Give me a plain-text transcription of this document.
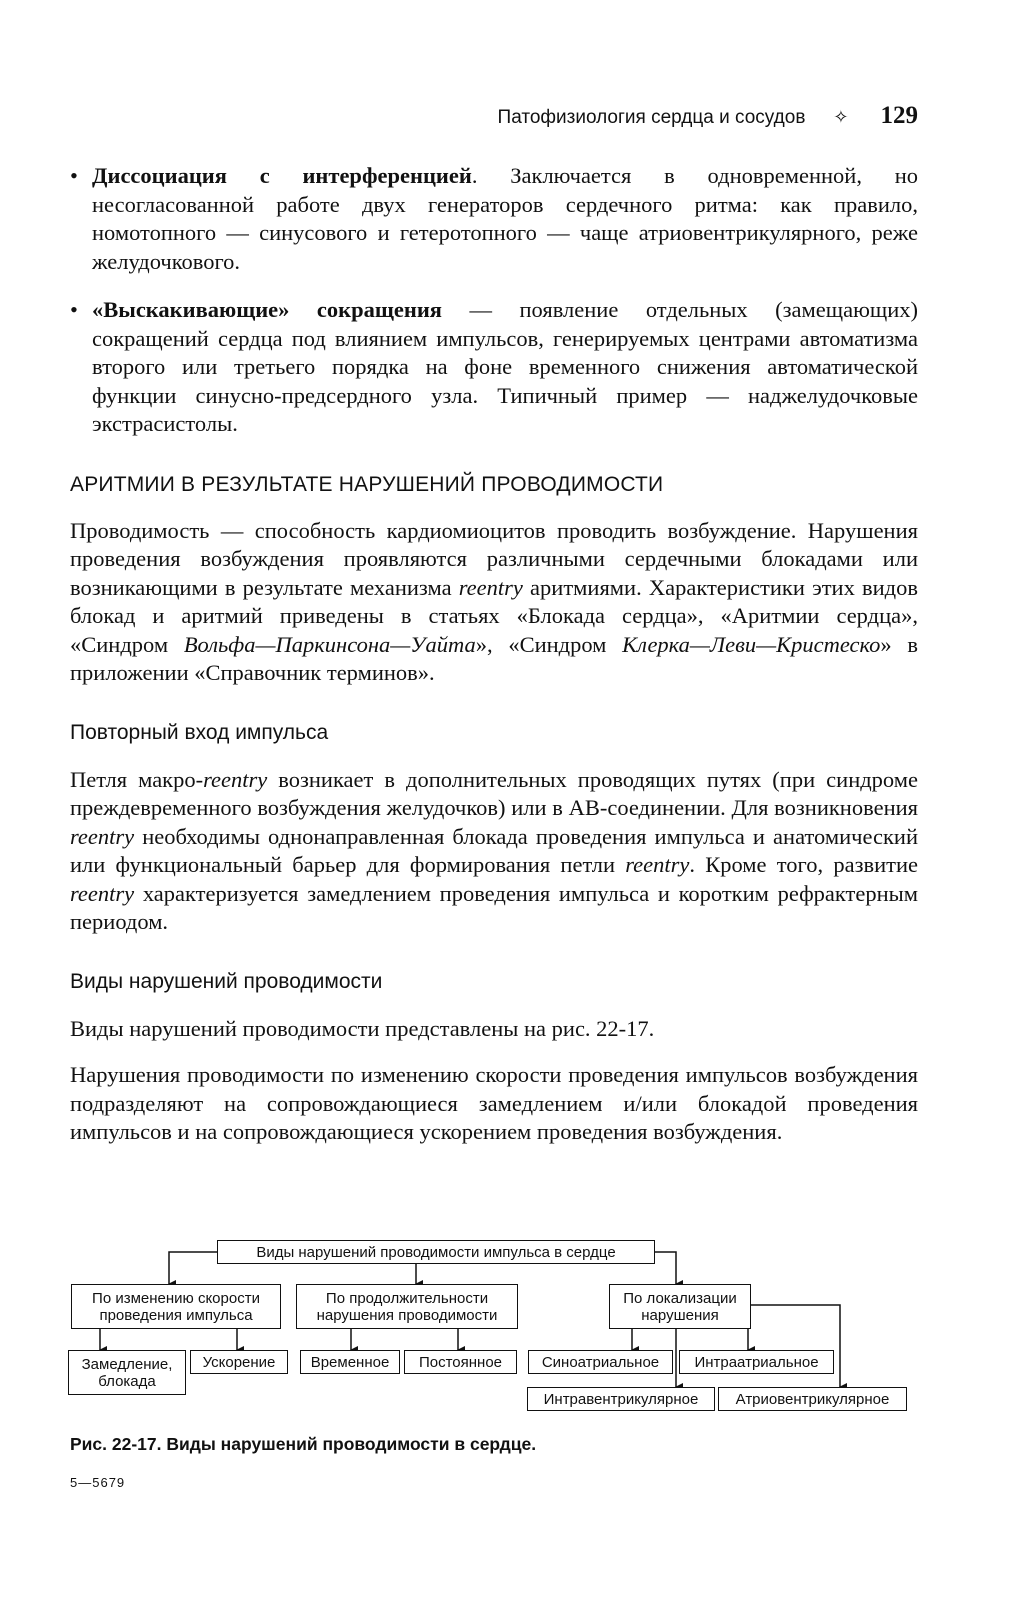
Патофизиология сердца и сосудов ✧ 129

• Диссоциация с интерференцией. Заключается в одновременной, но несогласованной работе двух генераторов сердечного ритма: как правило, номотопного — синусового и гетеротопного — чаще атриовентрикулярного, реже желудочкового.

• «Выскакивающие» сокращения — появление отдельных (замещающих) сокращений сердца под влиянием импульсов, генерируемых центрами автоматизма второго или третьего порядка на фоне временного снижения автоматической функции синусно-предсердного узла. Типичный пример — наджелудочковые экстрасистолы.

АРИТМИИ В РЕЗУЛЬТАТЕ НАРУШЕНИЙ ПРОВОДИМОСТИ

Проводимость — способность кардиомиоцитов проводить возбуждение. Нарушения проведения возбуждения проявляются различными сердечными блокадами или возникающими в результате механизма reentry аритмиями. Характеристики этих видов блокад и аритмий приведены в статьях «Блокада сердца», «Аритмии сердца», «Синдром Вольфа—Паркинсона—Уайта», «Синдром Клерка—Леви—Кристеско» в приложении «Справочник терминов».

Повторный вход импульса

Петля макро-reentry возникает в дополнительных проводящих путях (при синдроме преждевременного возбуждения желудочков) или в АВ-соединении. Для возникновения reentry необходимы однонаправленная блокада проведения импульса и анатомический или функциональный барьер для формирования петли reentry. Кроме того, развитие reentry характеризуется замедлением проведения импульса и коротким рефрактерным периодом.

Виды нарушений проводимости

Виды нарушений проводимости представлены на рис. 22-17.

Нарушения проводимости по изменению скорости проведения импульсов возбуждения подразделяют на сопровождающиеся замедлением и/или блокадой проведения импульсов и на сопровождающиеся ускорением проведения возбуждения.

Виды нарушений проводимости импульса в сердце
По изменению скорости проведения импульса
По продолжительности нарушения проводимости
По локализации нарушения
Замедление, блокада
Ускорение	Временное	Постоянное	Синоатриальное	Интраатриальное
Интравентрикулярное	Атриовентрикулярное
Рис. 22-17. Виды нарушений проводимости в сердце.
5—5679
